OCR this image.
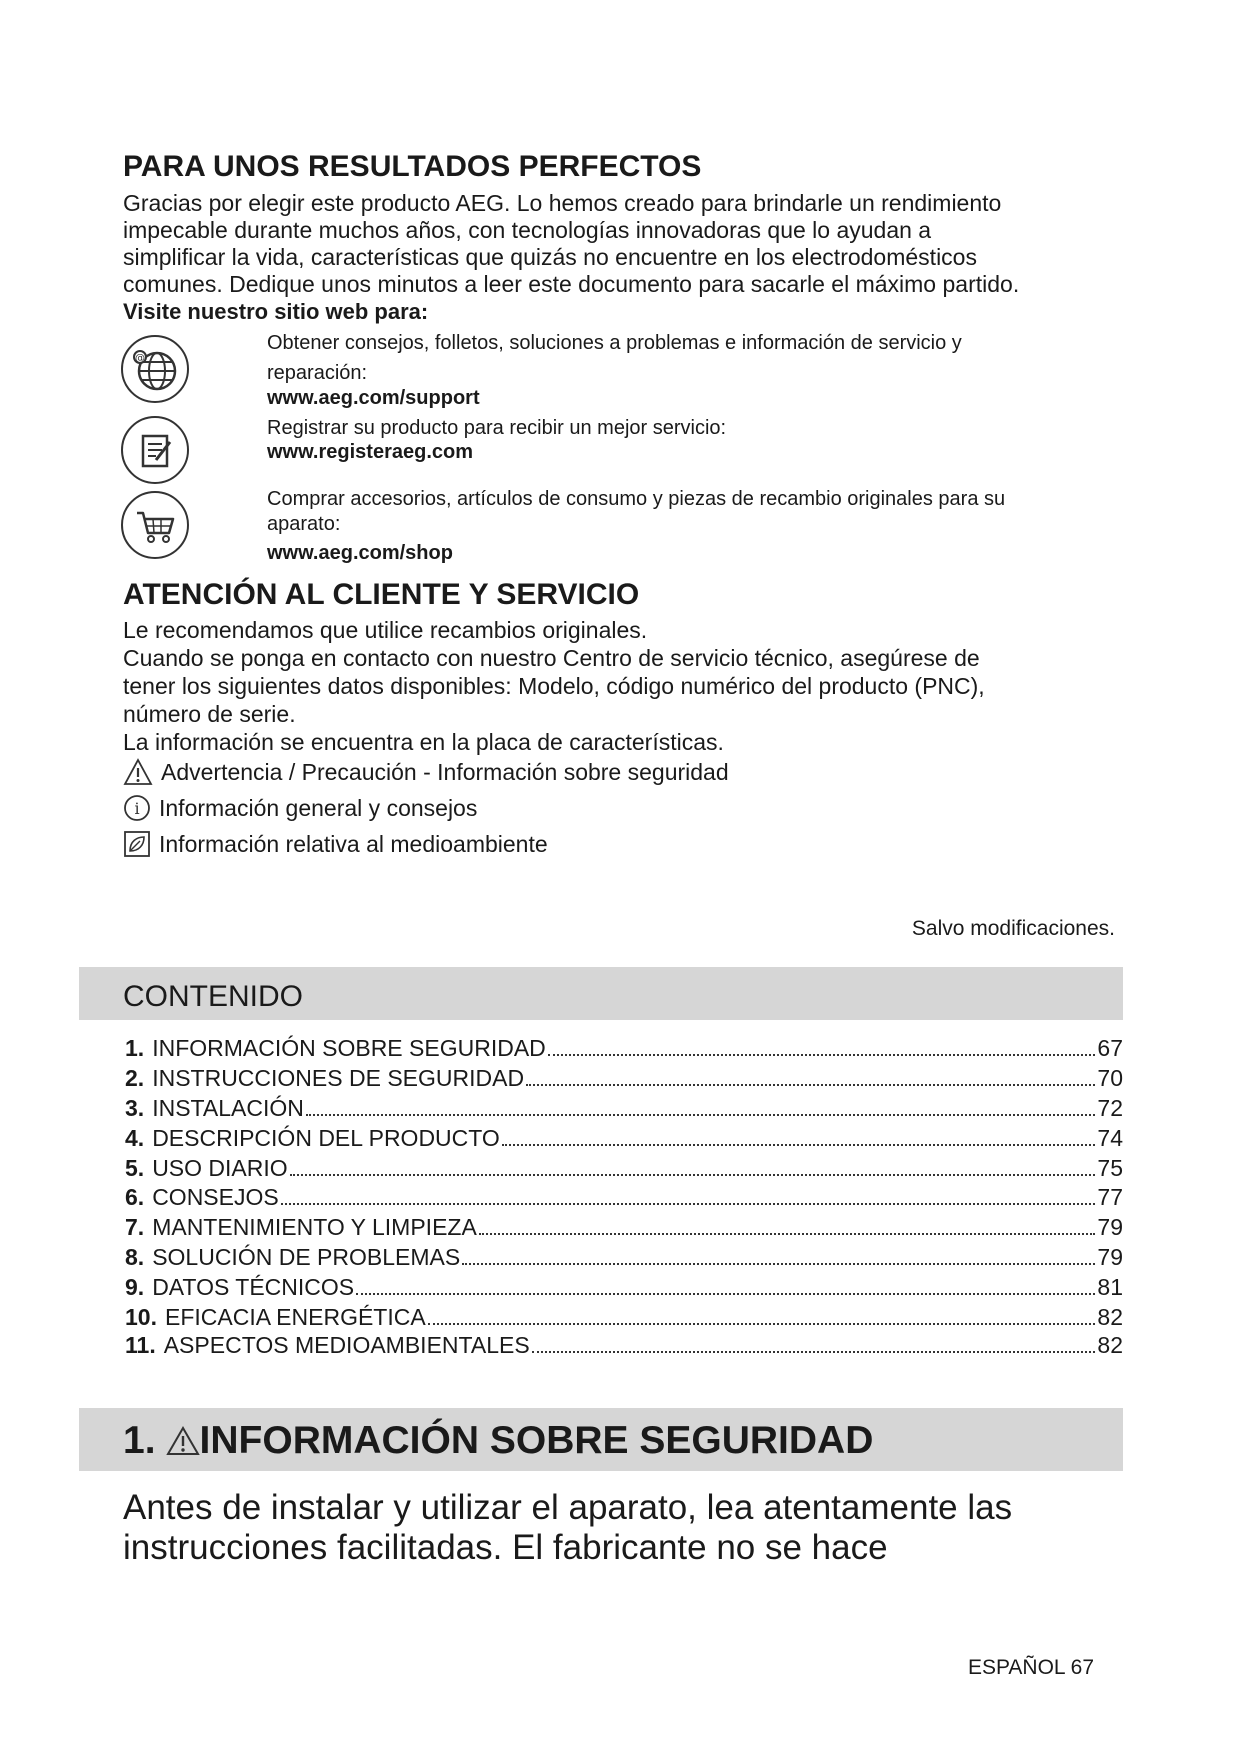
PARA UNOS RESULTADOS PERFECTOS
Gracias por elegir este producto AEG. Lo hemos creado para brindarle un rendimiento
impecable durante muchos años, con tecnologías innovadoras que lo ayudan a
simplificar la vida, características que quizás no encuentre en los electrodomésticos
comunes. Dedique unos minutos a leer este documento para sacarle el máximo partido.
Visite nuestro sitio web para:
@
Obtener consejos, folletos, soluciones a problemas e información de servicio y
reparación:
www.aeg.com/support
Registrar su producto para recibir un mejor servicio:
www.registeraeg.com
Comprar accesorios, artículos de consumo y piezas de recambio originales para su
aparato:
www.aeg.com/shop
ATENCIÓN AL CLIENTE Y SERVICIO
Le recomendamos que utilice recambios originales.
Cuando se ponga en contacto con nuestro Centro de servicio técnico, asegúrese de
tener los siguientes datos disponibles: Modelo, código numérico del producto (PNC),
número de serie.
La información se encuentra en la placa de características.
Advertencia / Precaución - Información sobre seguridad
i Información general y consejos
Información relativa al medioambiente
Salvo modificaciones.
CONTENIDO
1. INFORMACIÓN SOBRE SEGURIDAD	67
2. INSTRUCCIONES DE SEGURIDAD	70
3. INSTALACIÓN	72
4. DESCRIPCIÓN DEL PRODUCTO	74
5. USO DIARIO	75
6. CONSEJOS	77
7. MANTENIMIENTO Y LIMPIEZA	79
8. SOLUCIÓN DE PROBLEMAS	79
9. DATOS TÉCNICOS	81
10. EFICACIA ENERGÉTICA	82
11. ASPECTOS MEDIOAMBIENTALES	82
1. INFORMACIÓN SOBRE SEGURIDAD
Antes de instalar y utilizar el aparato, lea atentamente las
instrucciones facilitadas. El fabricante no se hace
ESPAÑOL 67
